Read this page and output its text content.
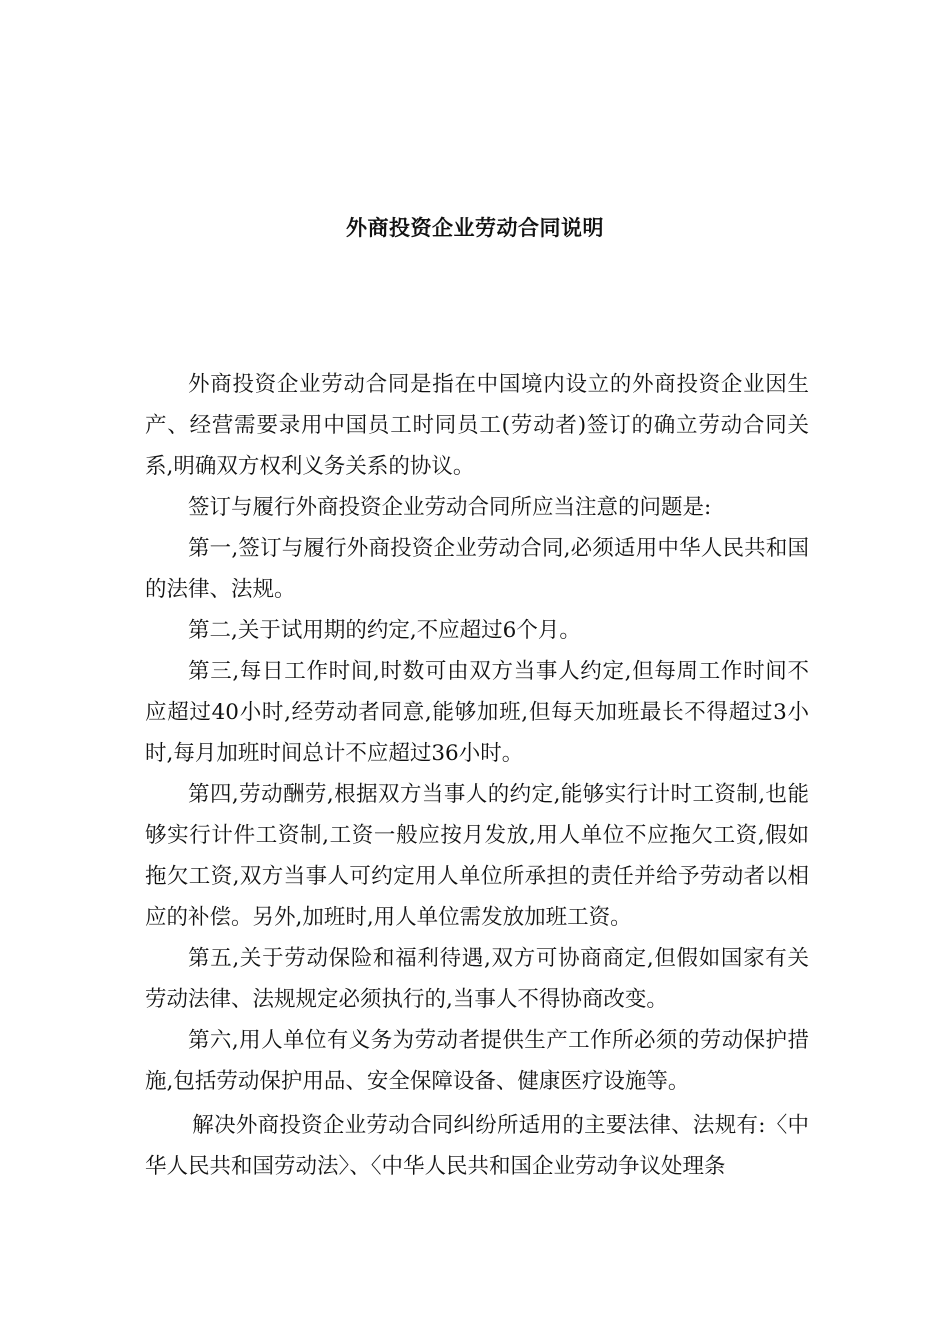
外商投资企业劳动合同说明

外商投资企业劳动合同是指在中国境内设立的外商投资企业因生产、经营需要录用中国员工时同员工(劳动者)签订的确立劳动合同关系,明确双方权利义务关系的协议。

签订与履行外商投资企业劳动合同所应当注意的问题是:

第一,签订与履行外商投资企业劳动合同,必须适用中华人民共和国的法律、法规。

第二,关于试用期的约定,不应超过6个月。

第三,每日工作时间,时数可由双方当事人约定,但每周工作时间不应超过40小时,经劳动者同意,能够加班,但每天加班最长不得超过3小时,每月加班时间总计不应超过36小时。

第四,劳动酬劳,根据双方当事人的约定,能够实行计时工资制,也能够实行计件工资制,工资一般应按月发放,用人单位不应拖欠工资,假如拖欠工资,双方当事人可约定用人单位所承担的责任并给予劳动者以相应的补偿。另外,加班时,用人单位需发放加班工资。

第五,关于劳动保险和福利待遇,双方可协商商定,但假如国家有关劳动法律、法规规定必须执行的,当事人不得协商改变。

第六,用人单位有义务为劳动者提供生产工作所必须的劳动保护措施,包括劳动保护用品、安全保障设备、健康医疗设施等。

解决外商投资企业劳动合同纠纷所适用的主要法律、法规有:〈中华人民共和国劳动法〉、〈中华人民共和国企业劳动争议处理条
